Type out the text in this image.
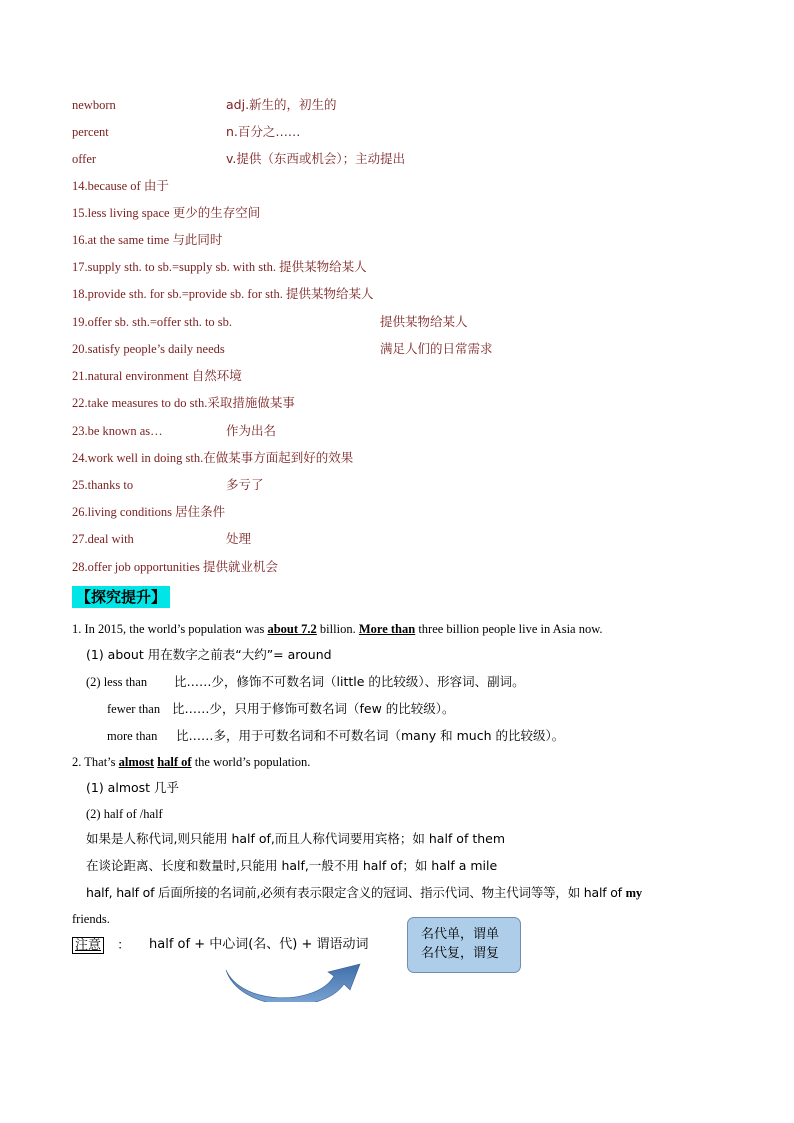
newborn	adj.新生的，初生的
percent	n.百分之……
offer	v.提供（东西或机会）；主动提出
14.because of 由于
15.less living space 更少的生存空间
16.at the same time 与此同时
17.supply sth. to sb.=supply sb. with sth. 提供某物给某人
18.provide sth. for sb.=provide sb. for sth. 提供某物给某人
19.offer sb. sth.=offer sth. to sb.	提供某物给某人
20.satisfy people’s daily needs	满足人们的日常需求
21.natural environment 自然环境
22.take measures to do sth.采取措施做某事
23.be known as…	作为出名
24.work well in doing sth.在做某事方面起到好的效果
25.thanks to	多亏了
26.living conditions 居住条件
27.deal with	处理
28.offer job opportunities 提供就业机会
【探究提升】
1. In 2015, the world’s population was about 7.2 billion. More than three billion people live in Asia now.
(1) about 用在数字之前表“大约”= around
(2) less than 比……少，修饰不可数名词（little 的比较级）、形容词、副词。
fewer than 比……少，只用于修饰可数名词（few 的比较级）。
more than 比……多，用于可数名词和不可数名词（many 和 much 的比较级）。
2. That’s almost half of the world’s population.
(1) almost 几乎
(2) half of /half
如果是人称代词,则只能用 half of,而且人称代词要用宾格；如 half of them
在谈论距离、长度和数量时,只能用 half,一般不用 half of；如 half a mile
half, half of 后面所接的名词前,必须有表示限定含义的冠词、指示代词、物主代词等等，如 half of my
friends.
注意 ： half of + 中心词(名、代) + 谓语动词
名代单，谓单
名代复，谓复
